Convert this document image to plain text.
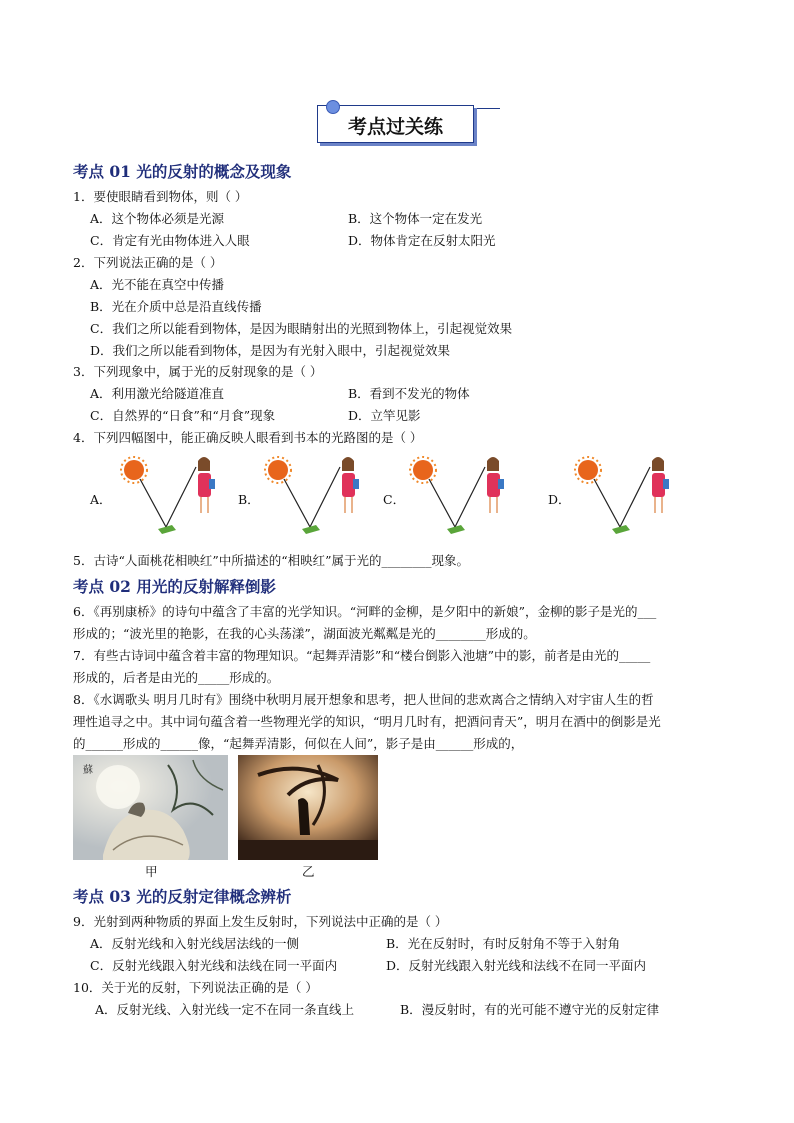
考点过关练
考点 01 光的反射的概念及现象
1．要使眼睛看到物体，则（ ）
A．这个物体必须是光源	B．这个物体一定在发光
C．肯定有光由物体进入人眼	D．物体肯定在反射太阳光
2．下列说法正确的是（ ）
A．光不能在真空中传播
B．光在介质中总是沿直线传播
C．我们之所以能看到物体，是因为眼睛射出的光照到物体上，引起视觉效果
D．我们之所以能看到物体，是因为有光射入眼中，引起视觉效果
3．下列现象中，属于光的反射现象的是（ ）
A．利用激光给隧道准直	B．看到不发光的物体
C．自然界的“日食”和“月食”现象	D．立竿见影
4．下列四幅图中，能正确反映人眼看到书本的光路图的是（ ）
A．	B．	C．	D．
5．古诗“人面桃花相映红”中所描述的“相映红”属于光的________现象。
考点 02 用光的反射解释倒影
6．《再别康桥》的诗句中蕴含了丰富的光学知识。“河畔的金柳，是夕阳中的新娘”，金柳的影子是光的___
形成的；“波光里的艳影，在我的心头荡漾”，湖面波光粼粼是光的________形成的。
7．有些古诗词中蕴含着丰富的物理知识。“起舞弄清影”和“楼台倒影入池塘”中的影，前者是由光的_____
形成的，后者是由光的_____形成的。
8．《水调歌头 明月几时有》围绕中秋明月展开想象和思考，把人世间的悲欢离合之情纳入对宇宙人生的哲
理性追寻之中。其中词句蕴含着一些物理光学的知识，“明月几时有，把酒问青天”，明月在酒中的倒影是光
的______形成的______像，“起舞弄清影，何似在人间”，影子是由______形成的，
蘇
甲	乙
考点 03 光的反射定律概念辨析
9．光射到两种物质的界面上发生反射时，下列说法中正确的是（ ）
A．反射光线和入射光线居法线的一侧	B．光在反射时，有时反射角不等于入射角
C．反射光线跟入射光线和法线在同一平面内	D．反射光线跟入射光线和法线不在同一平面内
10．关于光的反射，下列说法正确的是（ ）
A．反射光线、入射光线一定不在同一条直线上	B．漫反射时，有的光可能不遵守光的反射定律
